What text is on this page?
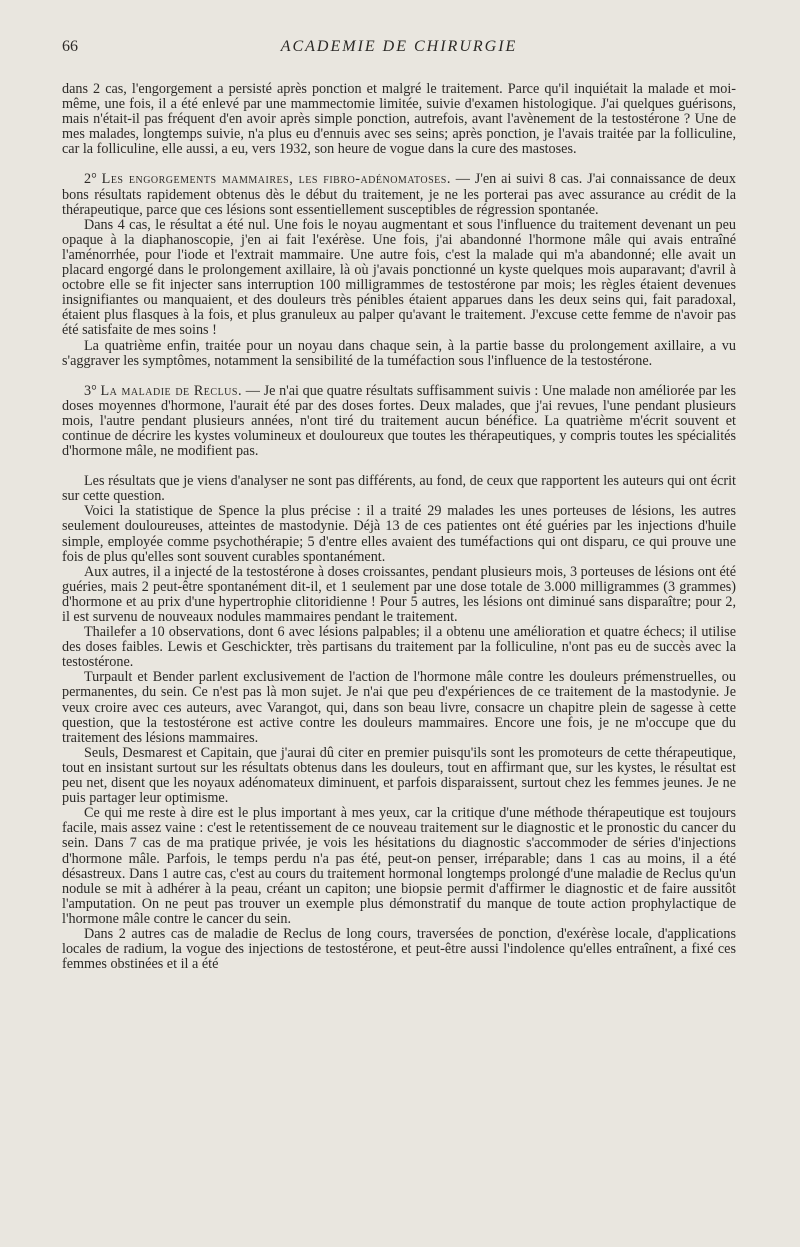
66	ACADEMIE DE CHIRURGIE

dans 2 cas, l'engorgement a persisté après ponction et malgré le traitement. Parce qu'il inquiétait la malade et moi-même, une fois, il a été enlevé par une mammectomie limitée, suivie d'examen histologique. J'ai quelques guérisons, mais n'était-il pas fréquent d'en avoir après simple ponction, autrefois, avant l'avènement de la testostérone ? Une de mes malades, longtemps suivie, n'a plus eu d'ennuis avec ses seins; après ponction, je l'avais traitée par la folliculine, car la folliculine, elle aussi, a eu, vers 1932, son heure de vogue dans la cure des mastoses.

2° Les engorgements mammaires, les fibro-adénomatoses. — J'en ai suivi 8 cas. J'ai connaissance de deux bons résultats rapidement obtenus dès le début du traitement, je ne les porterai pas avec assurance au crédit de la thérapeutique, parce que ces lésions sont essentiellement susceptibles de régression spontanée.

Dans 4 cas, le résultat a été nul. Une fois le noyau augmentant et sous l'influence du traitement devenant un peu opaque à la diaphanoscopie, j'en ai fait l'exérèse. Une fois, j'ai abandonné l'hormone mâle qui avais entraîné l'aménorrhée, pour l'iode et l'extrait mammaire. Une autre fois, c'est la malade qui m'a abandonné; elle avait un placard engorgé dans le prolongement axillaire, là où j'avais ponctionné un kyste quelques mois auparavant; d'avril à octobre elle se fit injecter sans interruption 100 milligrammes de testostérone par mois; les règles étaient devenues insignifiantes ou manquaient, et des douleurs très pénibles étaient apparues dans les deux seins qui, fait paradoxal, étaient plus flasques à la fois, et plus granuleux au palper qu'avant le traitement. J'excuse cette femme de n'avoir pas été satisfaite de mes soins !

La quatrième enfin, traitée pour un noyau dans chaque sein, à la partie basse du prolongement axillaire, a vu s'aggraver les symptômes, notamment la sensibilité de la tuméfaction sous l'influence de la testostérone.

3° La maladie de Reclus. — Je n'ai que quatre résultats suffisamment suivis : Une malade non améliorée par les doses moyennes d'hormone, l'aurait été par des doses fortes. Deux malades, que j'ai revues, l'une pendant plusieurs mois, l'autre pendant plusieurs années, n'ont tiré du traitement aucun bénéfice. La quatrième m'écrit souvent et continue de décrire les kystes volumineux et douloureux que toutes les thérapeutiques, y compris toutes les spécialités d'hormone mâle, ne modifient pas.

Les résultats que je viens d'analyser ne sont pas différents, au fond, de ceux que rapportent les auteurs qui ont écrit sur cette question.

Voici la statistique de Spence la plus précise : il a traité 29 malades les unes porteuses de lésions, les autres seulement douloureuses, atteintes de mastodynie. Déjà 13 de ces patientes ont été guéries par les injections d'huile simple, employée comme psychothérapie; 5 d'entre elles avaient des tuméfactions qui ont disparu, ce qui prouve une fois de plus qu'elles sont souvent curables spontanément.

Aux autres, il a injecté de la testostérone à doses croissantes, pendant plusieurs mois, 3 porteuses de lésions ont été guéries, mais 2 peut-être spontanément dit-il, et 1 seulement par une dose totale de 3.000 milligrammes (3 grammes) d'hormone et au prix d'une hypertrophie clitoridienne ! Pour 5 autres, les lésions ont diminué sans disparaître; pour 2, il est survenu de nouveaux nodules mammaires pendant le traitement.

Thailefer a 10 observations, dont 6 avec lésions palpables; il a obtenu une amélioration et quatre échecs; il utilise des doses faibles. Lewis et Geschickter, très partisans du traitement par la folliculine, n'ont pas eu de succès avec la testostérone.

Turpault et Bender parlent exclusivement de l'action de l'hormone mâle contre les douleurs prémenstruelles, ou permanentes, du sein. Ce n'est pas là mon sujet. Je n'ai que peu d'expériences de ce traitement de la mastodynie. Je veux croire avec ces auteurs, avec Varangot, qui, dans son beau livre, consacre un chapitre plein de sagesse à cette question, que la testostérone est active contre les douleurs mammaires. Encore une fois, je ne m'occupe que du traitement des lésions mammaires.

Seuls, Desmarest et Capitain, que j'aurai dû citer en premier puisqu'ils sont les promoteurs de cette thérapeutique, tout en insistant surtout sur les résultats obtenus dans les douleurs, tout en affirmant que, sur les kystes, le résultat est peu net, disent que les noyaux adénomateux diminuent, et parfois disparaissent, surtout chez les femmes jeunes. Je ne puis partager leur optimisme.

Ce qui me reste à dire est le plus important à mes yeux, car la critique d'une méthode thérapeutique est toujours facile, mais assez vaine : c'est le retentissement de ce nouveau traitement sur le diagnostic et le pronostic du cancer du sein. Dans 7 cas de ma pratique privée, je vois les hésitations du diagnostic s'accommoder de séries d'injections d'hormone mâle. Parfois, le temps perdu n'a pas été, peut-on penser, irréparable; dans 1 cas au moins, il a été désastreux. Dans 1 autre cas, c'est au cours du traitement hormonal longtemps prolongé d'une maladie de Reclus qu'un nodule se mit à adhérer à la peau, créant un capiton; une biopsie permit d'affirmer le diagnostic et de faire aussitôt l'amputation. On ne peut pas trouver un exemple plus démonstratif du manque de toute action prophylactique de l'hormone mâle contre le cancer du sein.

Dans 2 autres cas de maladie de Reclus de long cours, traversées de ponction, d'exérèse locale, d'applications locales de radium, la vogue des injections de testostérone, et peut-être aussi l'indolence qu'elles entraînent, a fixé ces femmes obstinées et il a été
